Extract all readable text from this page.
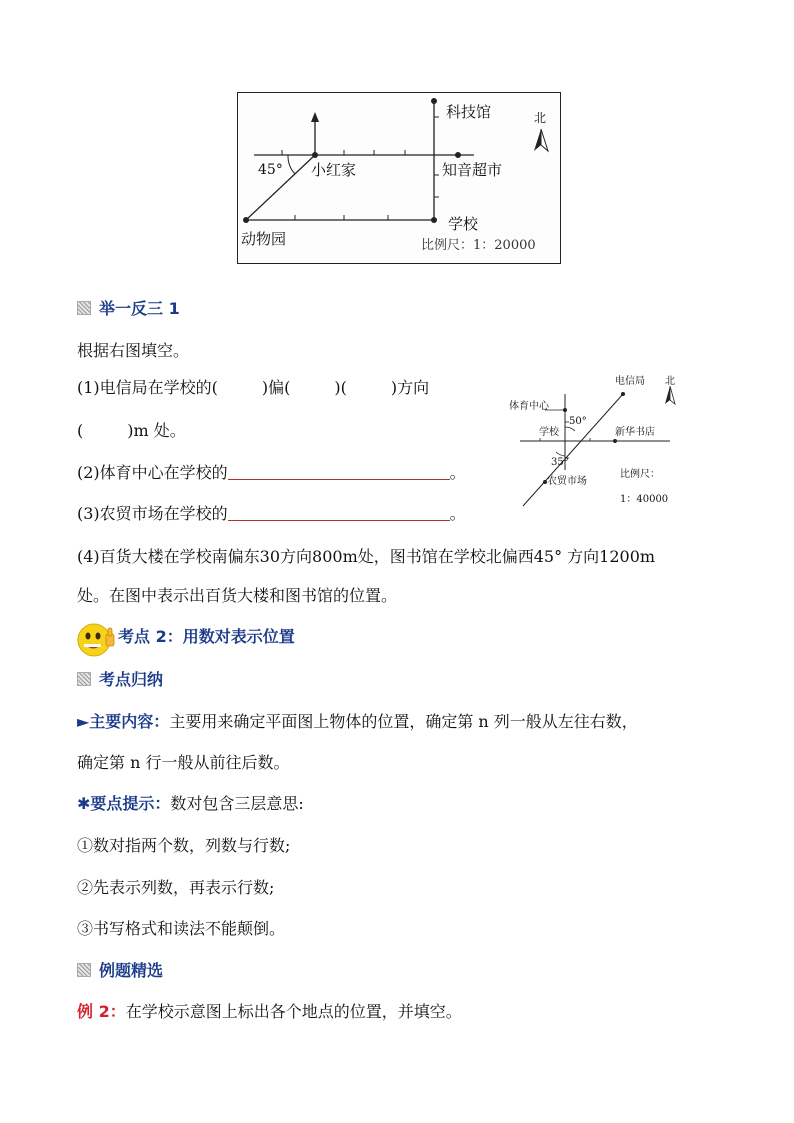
科技馆
小红家	知音超市
动物园
学校
45°
北
比例尺：1：20000
举一反三 1
根据右图填空。
(1)电信局在学校的(	)偏(	)(	)方向
(	)m 处。
(2)体育中心在学校的	。
(3)农贸市场在学校的	。
(4)百货大楼在学校南偏东30方向800m处，图书馆在学校北偏西45° 方向1200m
处。在图中表示出百货大楼和图书馆的位置。
电信局 北
体育中心
50°
学校	新华书店
35°
农贸市场
比例尺：
1：40000
考点 2：用数对表示位置
考点归纳
►主要内容：主要用来确定平面图上物体的位置，确定第 n 列一般从左往右数，
确定第 n 行一般从前往后数。
✱要点提示：数对包含三层意思:
①数对指两个数，列数与行数;
②先表示列数，再表示行数;
③书写格式和读法不能颠倒。
例题精选
例 2：在学校示意图上标出各个地点的位置，并填空。
